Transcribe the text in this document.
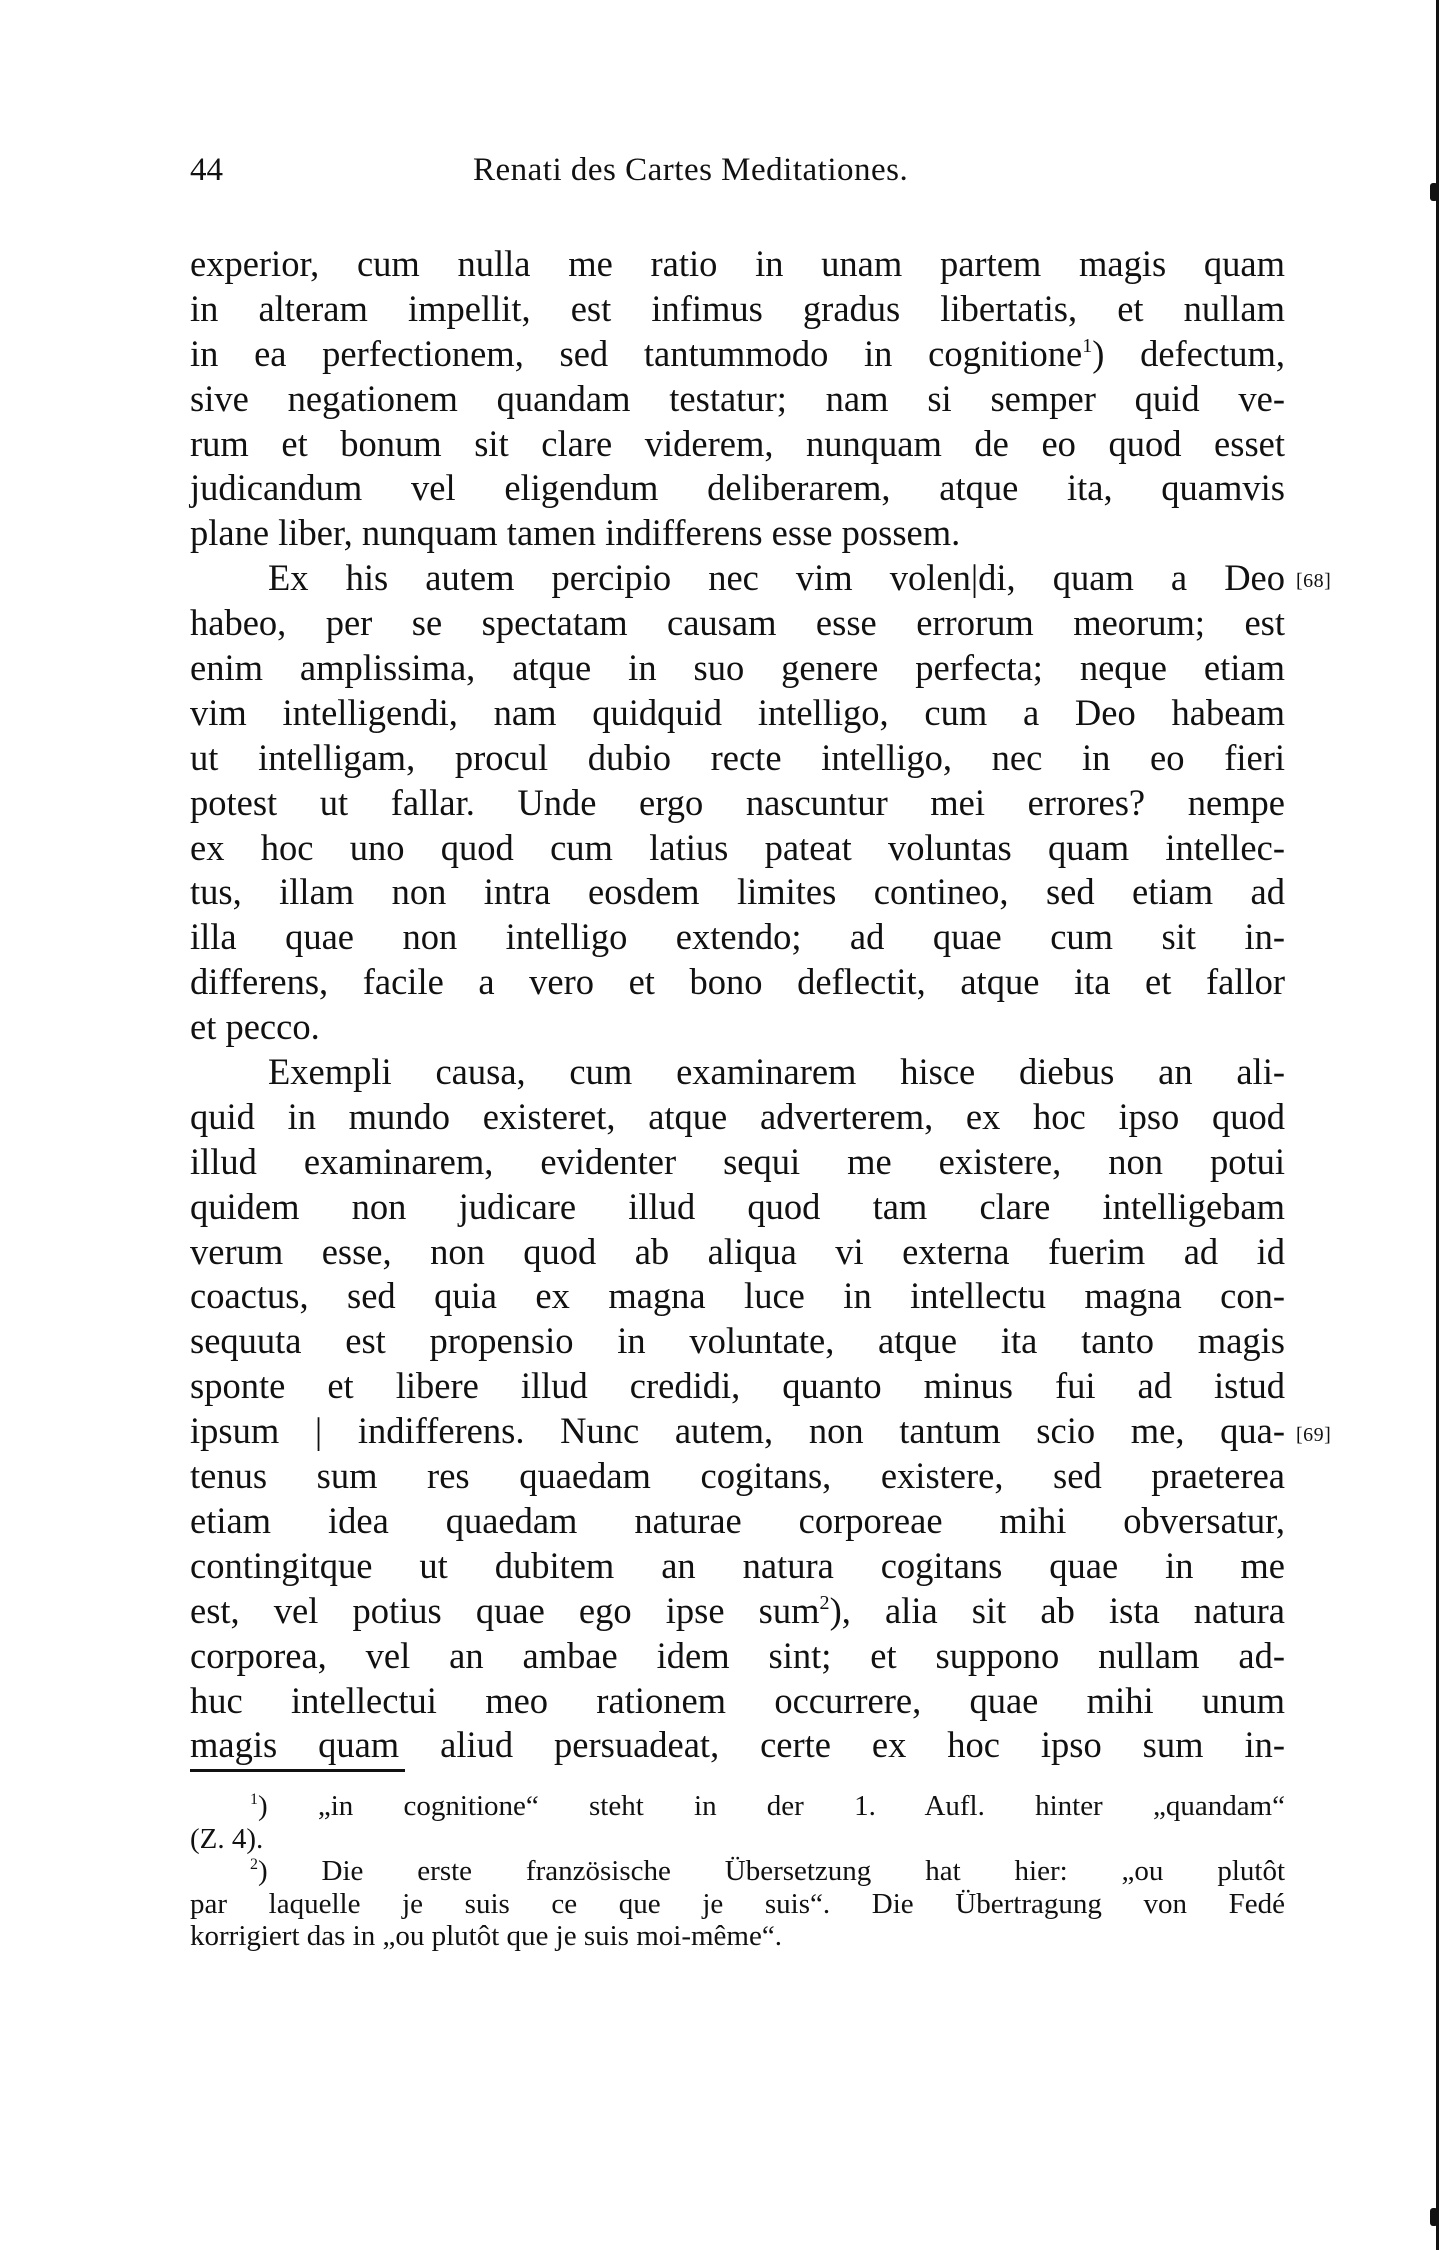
44	Renati des Cartes Meditationes.
experior, cum nulla me ratio in unam partem magis quam
in alteram impellit, est infimus gradus libertatis, et nullam
in ea perfectionem, sed tantummodo in cognitione$^1$) defectum,
sive negationem quandam testatur; nam si semper quid ve-
rum et bonum sit clare viderem, nunquam de eo quod esset
judicandum vel eligendum deliberarem, atque ita, quamvis
plane liber, nunquam tamen indifferens esse possem.
Ex his autem percipio nec vim volen|di, quam a Deo
habeo, per se spectatam causam esse errorum meorum; est
enim amplissima, atque in suo genere perfecta; neque etiam
vim intelligendi, nam quidquid intelligo, cum a Deo habeam
ut intelligam, procul dubio recte intelligo, nec in eo fieri
potest ut fallar. Unde ergo nascuntur mei errores? nempe
ex hoc uno quod cum latius pateat voluntas quam intellec-
tus, illam non intra eosdem limites contineo, sed etiam ad
illa quae non intelligo extendo; ad quae cum sit in-
differens, facile a vero et bono deflectit, atque ita et fallor
et pecco.
Exempli causa, cum examinarem hisce diebus an ali-
quid in mundo existeret, atque adverterem, ex hoc ipso quod
illud examinarem, evidenter sequi me existere, non potui
quidem non judicare illud quod tam clare intelligebam
verum esse, non quod ab aliqua vi externa fuerim ad id
coactus, sed quia ex magna luce in intellectu magna con-
sequuta est propensio in voluntate, atque ita tanto magis
sponte et libere illud credidi, quanto minus fui ad istud
ipsum | indifferens. Nunc autem, non tantum scio me, qua-
tenus sum res quaedam cogitans, existere, sed praeterea
etiam idea quaedam naturae corporeae mihi obversatur,
contingitque ut dubitem an natura cogitans quae in me
est, vel potius quae ego ipse sum$^2$), alia sit ab ista natura
corporea, vel an ambae idem sint; et suppono nullam ad-
huc intellectui meo rationem occurrere, quae mihi unum
magis quam aliud persuadeat, certe ex hoc ipso sum in-
[68]
[69]
$^1$) „in cognitione“ steht in der 1. Aufl. hinter „quandam“
(Z. 4).
$^2$) Die erste französische Übersetzung hat hier: „ou plutôt
par laquelle je suis ce que je suis“. Die Übertragung von Fedé
korrigiert das in „ou plutôt que je suis moi-même“.
